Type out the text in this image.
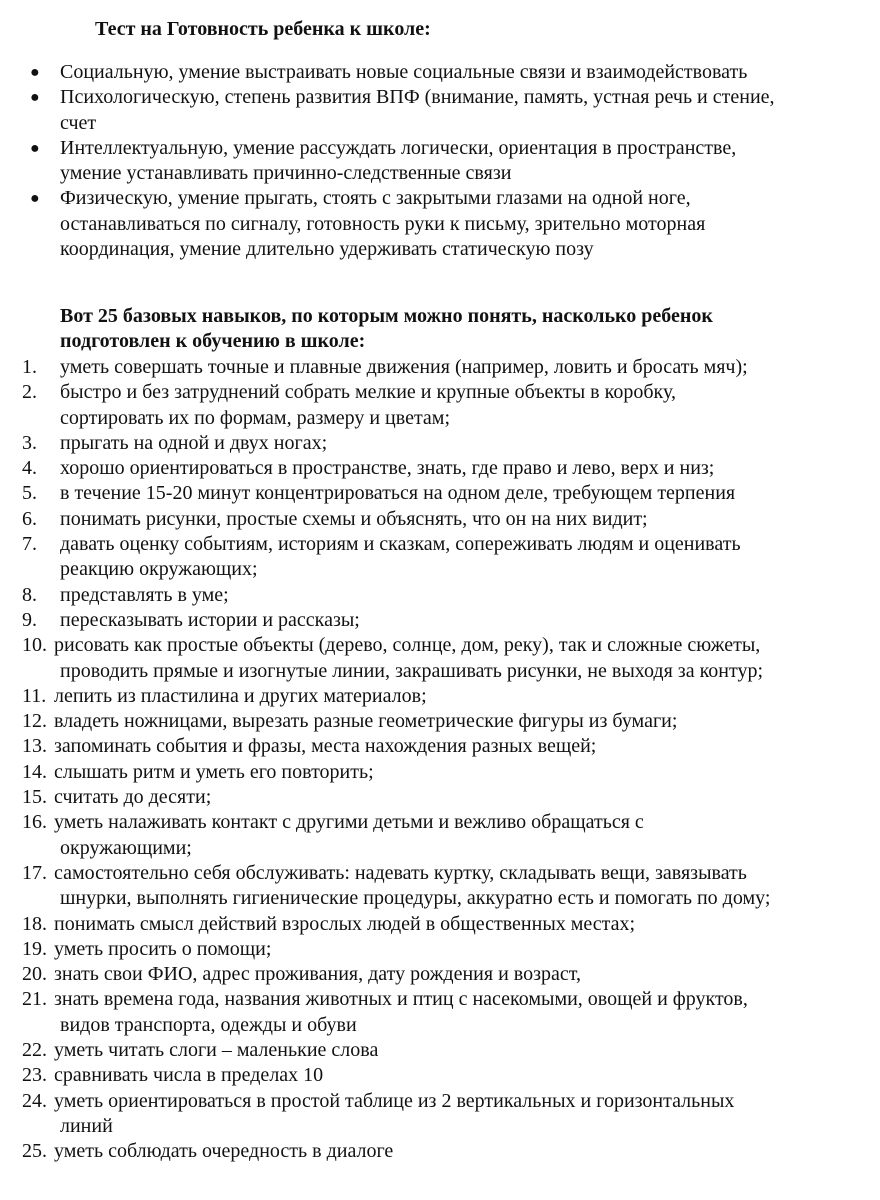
Тест на Готовность ребенка к школе:
● Социальную, умение выстраивать новые социальные связи и взаимодействовать
● Психологическую, степень развития ВПФ (внимание, память, устная речь и стение,
счет
● Интеллектуальную, умение рассуждать логически, ориентация в пространстве,
умение устанавливать причинно-следственные связи
● Физическую, умение прыгать, стоять с закрытыми глазами на одной ноге,
останавливаться по сигналу, готовность руки к письму, зрительно моторная
координация, умение длительно удерживать статическую позу
Вот 25 базовых навыков, по которым можно понять, насколько ребенок
подготовлен к обучению в школе:
1. уметь совершать точные и плавные движения (например, ловить и бросать мяч);
2. быстро и без затруднений собрать мелкие и крупные объекты в коробку,
сортировать их по формам, размеру и цветам;
3. прыгать на одной и двух ногах;
4. хорошо ориентироваться в пространстве, знать, где право и лево, верх и низ;
5. в течение 15-20 минут концентрироваться на одном деле, требующем терпения
6. понимать рисунки, простые схемы и объяснять, что он на них видит;
7. давать оценку событиям, историям и сказкам, сопереживать людям и оценивать
реакцию окружающих;
8. представлять в уме;
9. пересказывать истории и рассказы;
10. рисовать как простые объекты (дерево, солнце, дом, реку), так и сложные сюжеты,
проводить прямые и изогнутые линии, закрашивать рисунки, не выходя за контур;
11. лепить из пластилина и других материалов;
12. владеть ножницами, вырезать разные геометрические фигуры из бумаги;
13. запоминать события и фразы, места нахождения разных вещей;
14. слышать ритм и уметь его повторить;
15. считать до десяти;
16. уметь налаживать контакт с другими детьми и вежливо обращаться с
окружающими;
17. самостоятельно себя обслуживать: надевать куртку, складывать вещи, завязывать
шнурки, выполнять гигиенические процедуры, аккуратно есть и помогать по дому;
18. понимать смысл действий взрослых людей в общественных местах;
19. уметь просить о помощи;
20. знать свои ФИО, адрес проживания, дату рождения и возраст,
21. знать времена года, названия животных и птиц с насекомыми, овощей и фруктов,
видов транспорта, одежды и обуви
22. уметь читать слоги – маленькие слова
23. сравнивать числа в пределах 10
24. уметь ориентироваться в простой таблице из 2 вертикальных и горизонтальных
линий
25. уметь соблюдать очередность в диалоге
